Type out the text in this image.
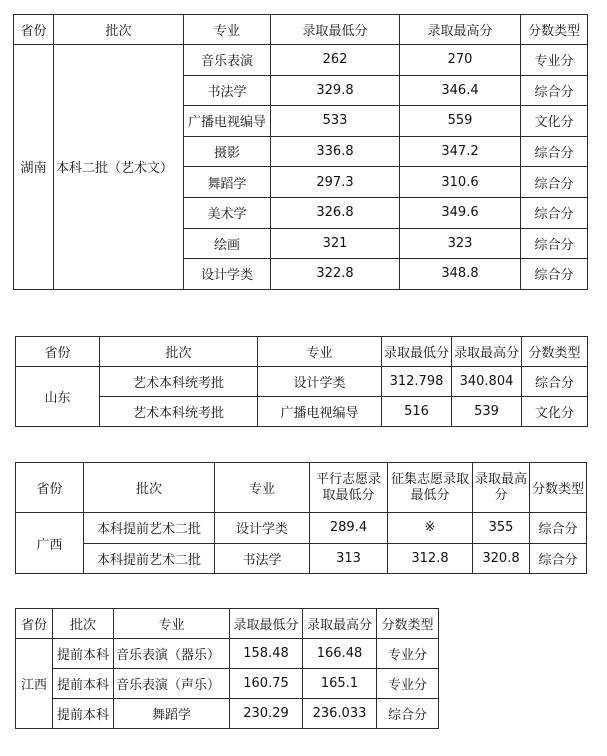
省份	批次	专业	录取最低分	录取最高分	分数类型
湖南	本科二批（艺术文）	音乐表演	262	270	专业分
		书法学	329.8	346.4	综合分
		广播电视编导	533	559	文化分
		摄影	336.8	347.2	综合分
		舞蹈学	297.3	310.6	综合分
		美术学	326.8	349.6	综合分
		绘画	321	323	综合分
		设计学类	322.8	348.8	综合分
省份	批次	专业	录取最低分	录取最高分	分数类型
山东	艺术本科统考批	设计学类	312.798	340.804	综合分
	艺术本科统考批	广播电视编导	516	539	文化分
省份	批次	专业	平行志愿录取最低分	征集志愿录取最低分	录取最高分	分数类型
广西	本科提前艺术二批	设计学类	289.4	※	355	综合分
	本科提前艺术二批	书法学	313	312.8	320.8	综合分
省份	批次	专业	录取最低分	录取最高分	分数类型
江西	提前本科	音乐表演（器乐）	158.48	166.48	专业分
	提前本科	音乐表演（声乐）	160.75	165.1	专业分
	提前本科	舞蹈学	230.29	236.033	综合分
